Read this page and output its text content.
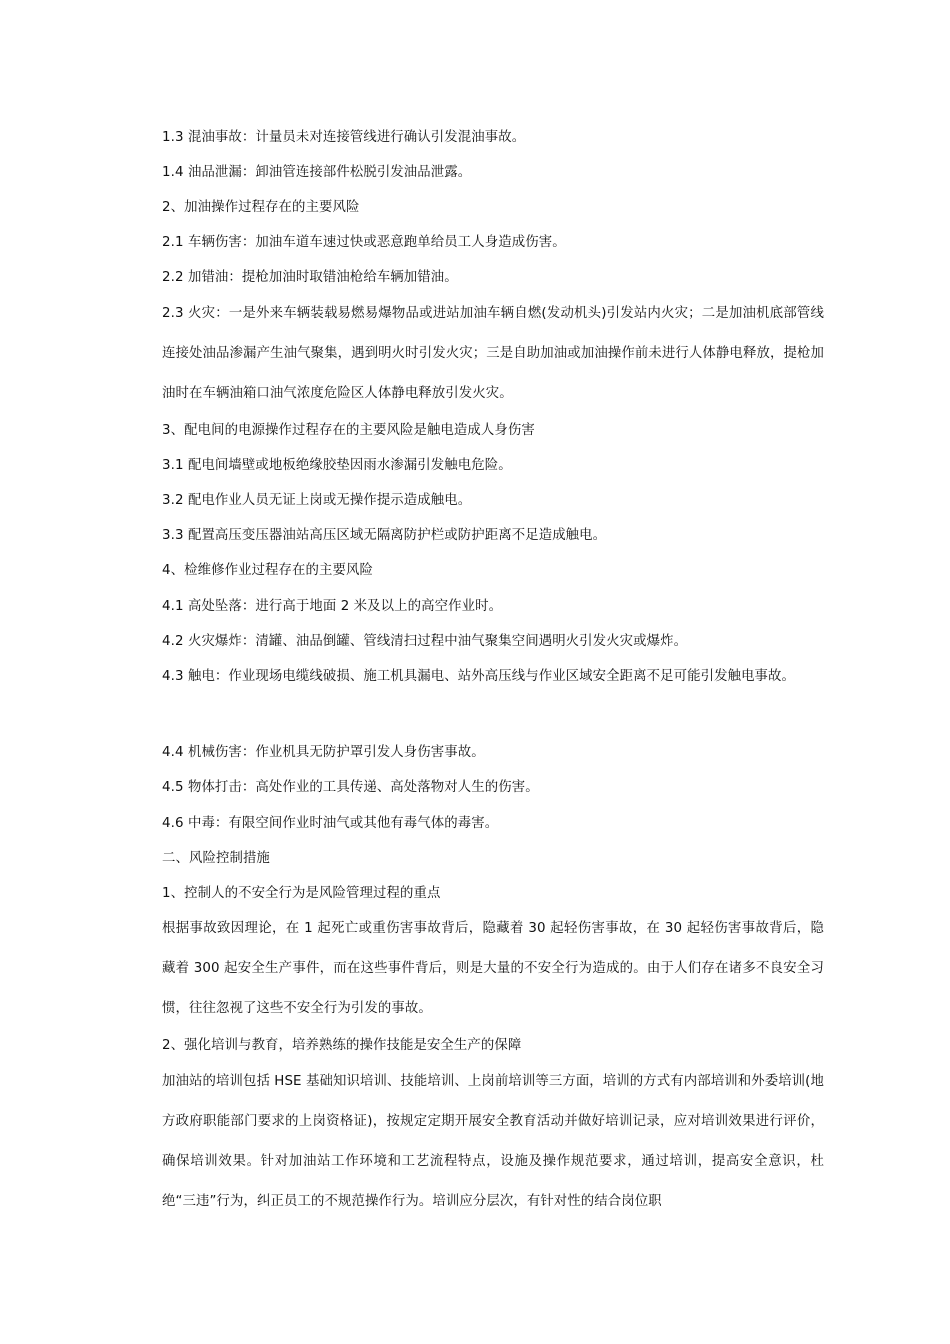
1.3 混油事故：计量员未对连接管线进行确认引发混油事故。
1.4 油品泄漏：卸油管连接部件松脱引发油品泄露。
2、加油操作过程存在的主要风险
2.1 车辆伤害：加油车道车速过快或恶意跑单给员工人身造成伤害。
2.2 加错油：提枪加油时取错油枪给车辆加错油。
2.3 火灾：一是外来车辆装载易燃易爆物品或进站加油车辆自燃(发动机头)引发站内火灾；二是加油机底部管线连接处油品渗漏产生油气聚集，遇到明火时引发火灾；三是自助加油或加油操作前未进行人体静电释放，提枪加油时在车辆油箱口油气浓度危险区人体静电释放引发火灾。
3、配电间的电源操作过程存在的主要风险是触电造成人身伤害
3.1 配电间墙壁或地板绝缘胶垫因雨水渗漏引发触电危险。
3.2 配电作业人员无证上岗或无操作提示造成触电。
3.3 配置高压变压器油站高压区域无隔离防护栏或防护距离不足造成触电。
4、检维修作业过程存在的主要风险
4.1 高处坠落：进行高于地面 2 米及以上的高空作业时。
4.2 火灾爆炸：清罐、油品倒罐、管线清扫过程中油气聚集空间遇明火引发火灾或爆炸。
4.3 触电：作业现场电缆线破损、施工机具漏电、站外高压线与作业区域安全距离不足可能引发触电事故。
4.4 机械伤害：作业机具无防护罩引发人身伤害事故。
4.5 物体打击：高处作业的工具传递、高处落物对人生的伤害。
4.6 中毒：有限空间作业时油气或其他有毒气体的毒害。
二、风险控制措施
1、控制人的不安全行为是风险管理过程的重点
根据事故致因理论，在 1 起死亡或重伤害事故背后，隐藏着 30 起轻伤害事故，在 30 起轻伤害事故背后，隐藏着 300 起安全生产事件，而在这些事件背后，则是大量的不安全行为造成的。由于人们存在诸多不良安全习惯，往往忽视了这些不安全行为引发的事故。
2、强化培训与教育，培养熟练的操作技能是安全生产的保障
加油站的培训包括 HSE 基础知识培训、技能培训、上岗前培训等三方面，培训的方式有内部培训和外委培训(地方政府职能部门要求的上岗资格证)，按规定定期开展安全教育活动并做好培训记录，应对培训效果进行评价，确保培训效果。针对加油站工作环境和工艺流程特点，设施及操作规范要求，通过培训，提高安全意识，杜绝“三违”行为，纠正员工的不规范操作行为。培训应分层次，有针对性的结合岗位职
